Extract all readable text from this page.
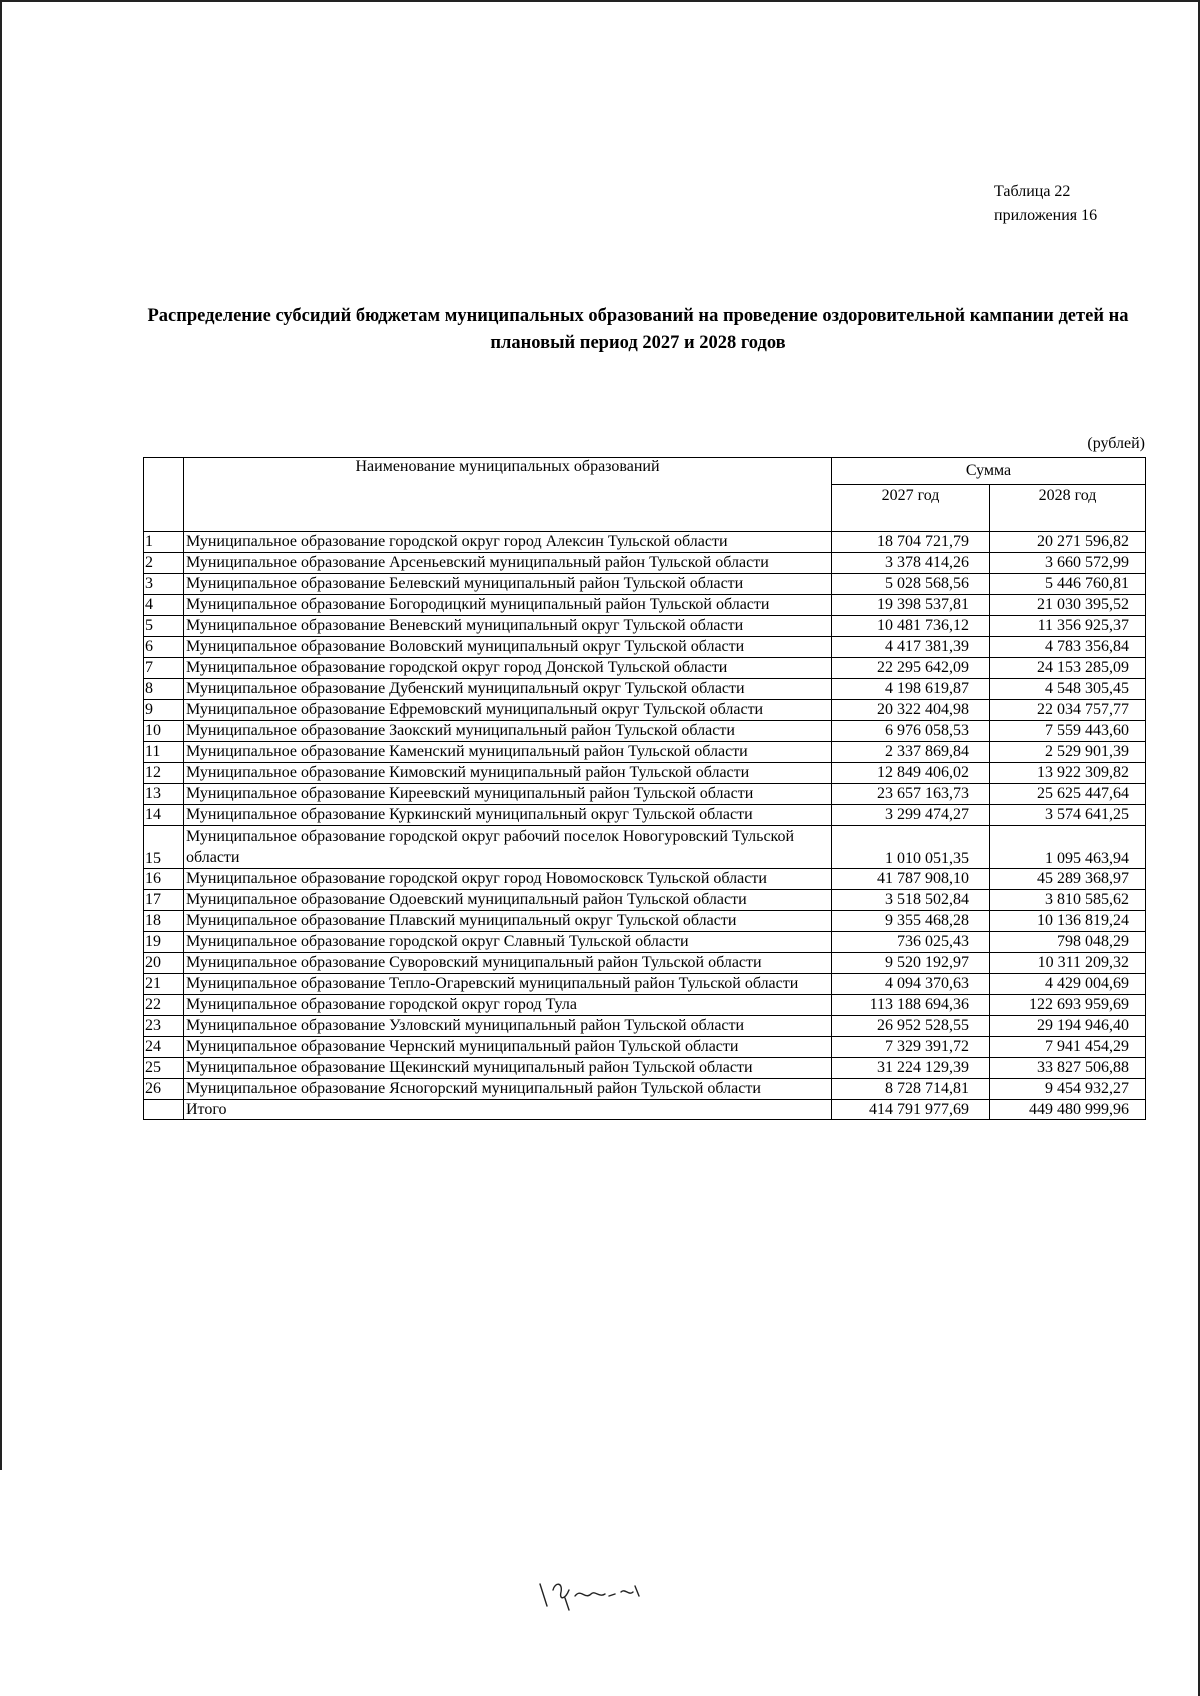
Таблица 22
приложения 16
Распределение субсидий бюджетам муниципальных образований на проведение оздоровительной кампании детей на плановый период 2027 и 2028 годов
(рублей)
	Наименование муниципальных образований	Сумма	
		2027 год	2028 год
1	Муниципальное образование городской округ город Алексин Тульской области	18 704 721,79	20 271 596,82
2	Муниципальное образование Арсеньевский муниципальный район Тульской области	3 378 414,26	3 660 572,99
3	Муниципальное образование Белевский муниципальный район Тульской области	5 028 568,56	5 446 760,81
4	Муниципальное образование Богородицкий муниципальный район Тульской области	19 398 537,81	21 030 395,52
5	Муниципальное образование Веневский муниципальный округ Тульской области	10 481 736,12	11 356 925,37
6	Муниципальное образование Воловский муниципальный округ Тульской области	4 417 381,39	4 783 356,84
7	Муниципальное образование городской округ город Донской Тульской области	22 295 642,09	24 153 285,09
8	Муниципальное образование Дубенский муниципальный округ Тульской области	4 198 619,87	4 548 305,45
9	Муниципальное образование Ефремовский муниципальный округ Тульской области	20 322 404,98	22 034 757,77
10	Муниципальное образование Заокский муниципальный район Тульской области	6 976 058,53	7 559 443,60
11	Муниципальное образование Каменский муниципальный район Тульской области	2 337 869,84	2 529 901,39
12	Муниципальное образование Кимовский муниципальный район Тульской области	12 849 406,02	13 922 309,82
13	Муниципальное образование Киреевский муниципальный район Тульской области	23 657 163,73	25 625 447,64
14	Муниципальное образование Куркинский муниципальный округ Тульской области	3 299 474,27	3 574 641,25
15	Муниципальное образование городской округ рабочий поселок Новогуровский Тульской области	1 010 051,35	1 095 463,94
16	Муниципальное образование городской округ город Новомосковск Тульской области	41 787 908,10	45 289 368,97
17	Муниципальное образование Одоевский муниципальный район Тульской области	3 518 502,84	3 810 585,62
18	Муниципальное образование Плавский муниципальный округ Тульской области	9 355 468,28	10 136 819,24
19	Муниципальное образование городской округ Славный Тульской области	736 025,43	798 048,29
20	Муниципальное образование Суворовский муниципальный район Тульской области	9 520 192,97	10 311 209,32
21	Муниципальное образование Тепло-Огаревский муниципальный район Тульской области	4 094 370,63	4 429 004,69
22	Муниципальное образование городской округ город Тула	113 188 694,36	122 693 959,69
23	Муниципальное образование Узловский муниципальный район Тульской области	26 952 528,55	29 194 946,40
24	Муниципальное образование Чернский муниципальный район Тульской области	7 329 391,72	7 941 454,29
25	Муниципальное образование Щекинский муниципальный район Тульской области	31 224 129,39	33 827 506,88
26	Муниципальное образование Ясногорский муниципальный район Тульской области	8 728 714,81	9 454 932,27
	Итого	414 791 977,69	449 480 999,96
